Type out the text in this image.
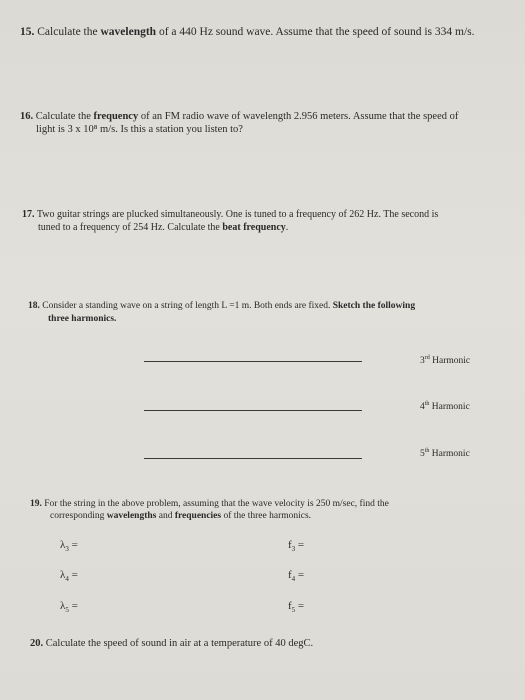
15. Calculate the wavelength of a 440 Hz sound wave. Assume that the speed of sound is 334 m/s.
16. Calculate the frequency of an FM radio wave of wavelength 2.956 meters. Assume that the speed of
light is 3 x 10⁸ m/s. Is this a station you listen to?
17. Two guitar strings are plucked simultaneously. One is tuned to a frequency of 262 Hz. The second is
tuned to a frequency of 254 Hz. Calculate the beat frequency.
18. Consider a standing wave on a string of length L =1 m. Both ends are fixed. Sketch the following
three harmonics.
3rd Harmonic
4th Harmonic
5th Harmonic
19. For the string in the above problem, assuming that the wave velocity is 250 m/sec, find the
corresponding wavelengths and frequencies of the three harmonics.
$\lambda_3$ =	$f_3$ =
$\lambda_4$ =	$f_4$ =
$\lambda_5$ =	$f_5$ =
20. Calculate the speed of sound in air at a temperature of 40 degC.
